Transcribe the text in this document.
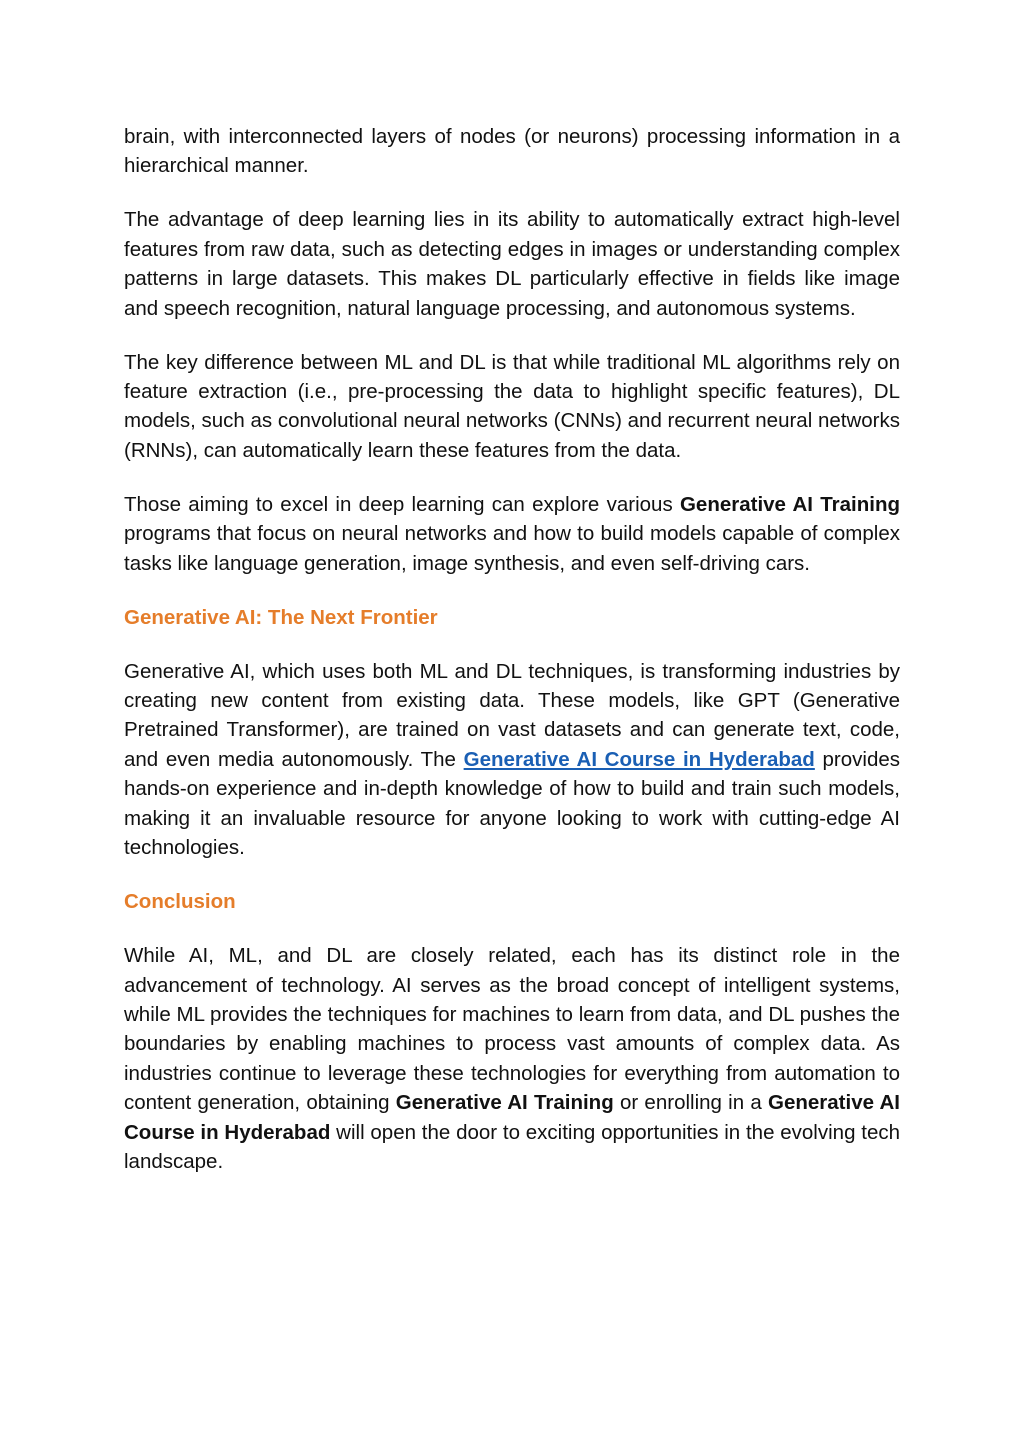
brain, with interconnected layers of nodes (or neurons) processing information in a hierarchical manner.

The advantage of deep learning lies in its ability to automatically extract high-level features from raw data, such as detecting edges in images or understanding complex patterns in large datasets. This makes DL particularly effective in fields like image and speech recognition, natural language processing, and autonomous systems.

The key difference between ML and DL is that while traditional ML algorithms rely on feature extraction (i.e., pre-processing the data to highlight specific features), DL models, such as convolutional neural networks (CNNs) and recurrent neural networks (RNNs), can automatically learn these features from the data.

Those aiming to excel in deep learning can explore various Generative AI Training programs that focus on neural networks and how to build models capable of complex tasks like language generation, image synthesis, and even self-driving cars.

Generative AI: The Next Frontier

Generative AI, which uses both ML and DL techniques, is transforming industries by creating new content from existing data. These models, like GPT (Generative Pretrained Transformer), are trained on vast datasets and can generate text, code, and even media autonomously. The Generative AI Course in Hyderabad provides hands-on experience and in-depth knowledge of how to build and train such models, making it an invaluable resource for anyone looking to work with cutting-edge AI technologies.

Conclusion

While AI, ML, and DL are closely related, each has its distinct role in the advancement of technology. AI serves as the broad concept of intelligent systems, while ML provides the techniques for machines to learn from data, and DL pushes the boundaries by enabling machines to process vast amounts of complex data. As industries continue to leverage these technologies for everything from automation to content generation, obtaining Generative AI Training or enrolling in a Generative AI Course in Hyderabad will open the door to exciting opportunities in the evolving tech landscape.
